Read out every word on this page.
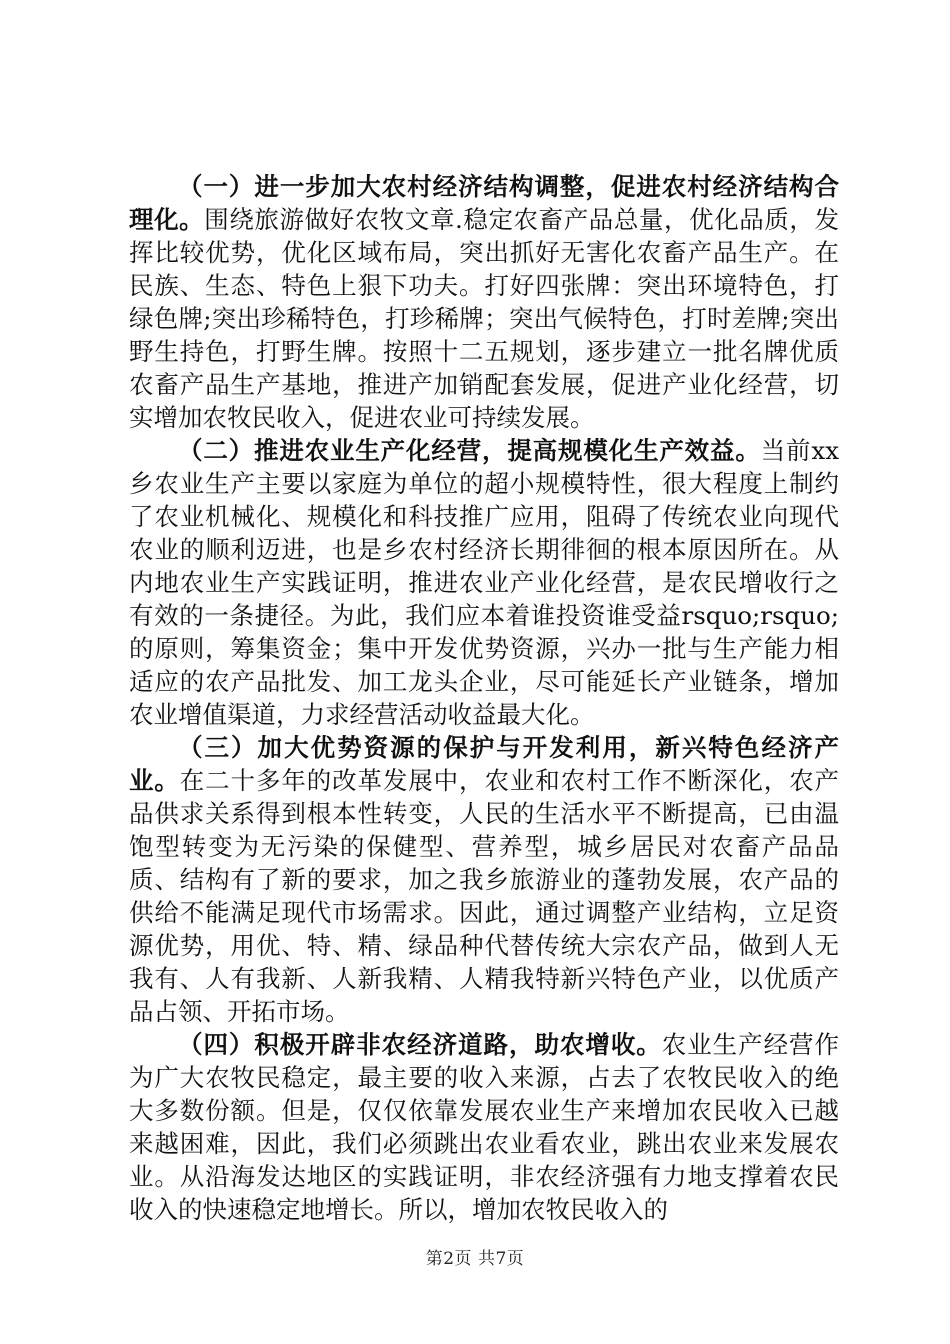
（一）进一步加大农村经济结构调整，促进农村经济结构合理化。围绕旅游做好农牧文章.稳定农畜产品总量，优化品质，发挥比较优势，优化区域布局，突出抓好无害化农畜产品生产。在民族、生态、特色上狠下功夫。打好四张牌：突出环境特色，打绿色牌;突出珍稀特色，打珍稀牌；突出气候特色，打时差牌;突出野生持色，打野生牌。按照十二五规划，逐步建立一批名牌优质农畜产品生产基地，推进产加销配套发展，促进产业化经营，切实增加农牧民收入，促进农业可持续发展。

（二）推进农业生产化经营，提高规模化生产效益。当前xx乡农业生产主要以家庭为单位的超小规模特性，很大程度上制约了农业机械化、规模化和科技推广应用，阻碍了传统农业向现代农业的顺利迈进，也是乡农村经济长期徘徊的根本原因所在。从内地农业生产实践证明，推进农业产业化经营，是农民增收行之有效的一条捷径。为此，我们应本着谁投资谁受益rsquo;rsquo;的原则，筹集资金；集中开发优势资源，兴办一批与生产能力相适应的农产品批发、加工龙头企业，尽可能延长产业链条，增加农业增值渠道，力求经营活动收益最大化。

（三）加大优势资源的保护与开发利用，新兴特色经济产业。在二十多年的改革发展中，农业和农村工作不断深化，农产品供求关系得到根本性转变，人民的生活水平不断提高，已由温饱型转变为无污染的保健型、营养型，城乡居民对农畜产品品质、结构有了新的要求，加之我乡旅游业的蓬勃发展，农产品的供给不能满足现代市场需求。因此，通过调整产业结构，立足资源优势，用优、特、精、绿品种代替传统大宗农产品，做到人无我有、人有我新、人新我精、人精我特新兴特色产业，以优质产品占领、开拓市场。

（四）积极开辟非农经济道路，助农增收。农业生产经营作为广大农牧民稳定，最主要的收入来源，占去了农牧民收入的绝大多数份额。但是，仅仅依靠发展农业生产来增加农民收入已越来越困难，因此，我们必须跳出农业看农业，跳出农业来发展农业。从沿海发达地区的实践证明，非农经济强有力地支撑着农民收入的快速稳定地增长。所以，增加农牧民收入的

第2页 共7页
